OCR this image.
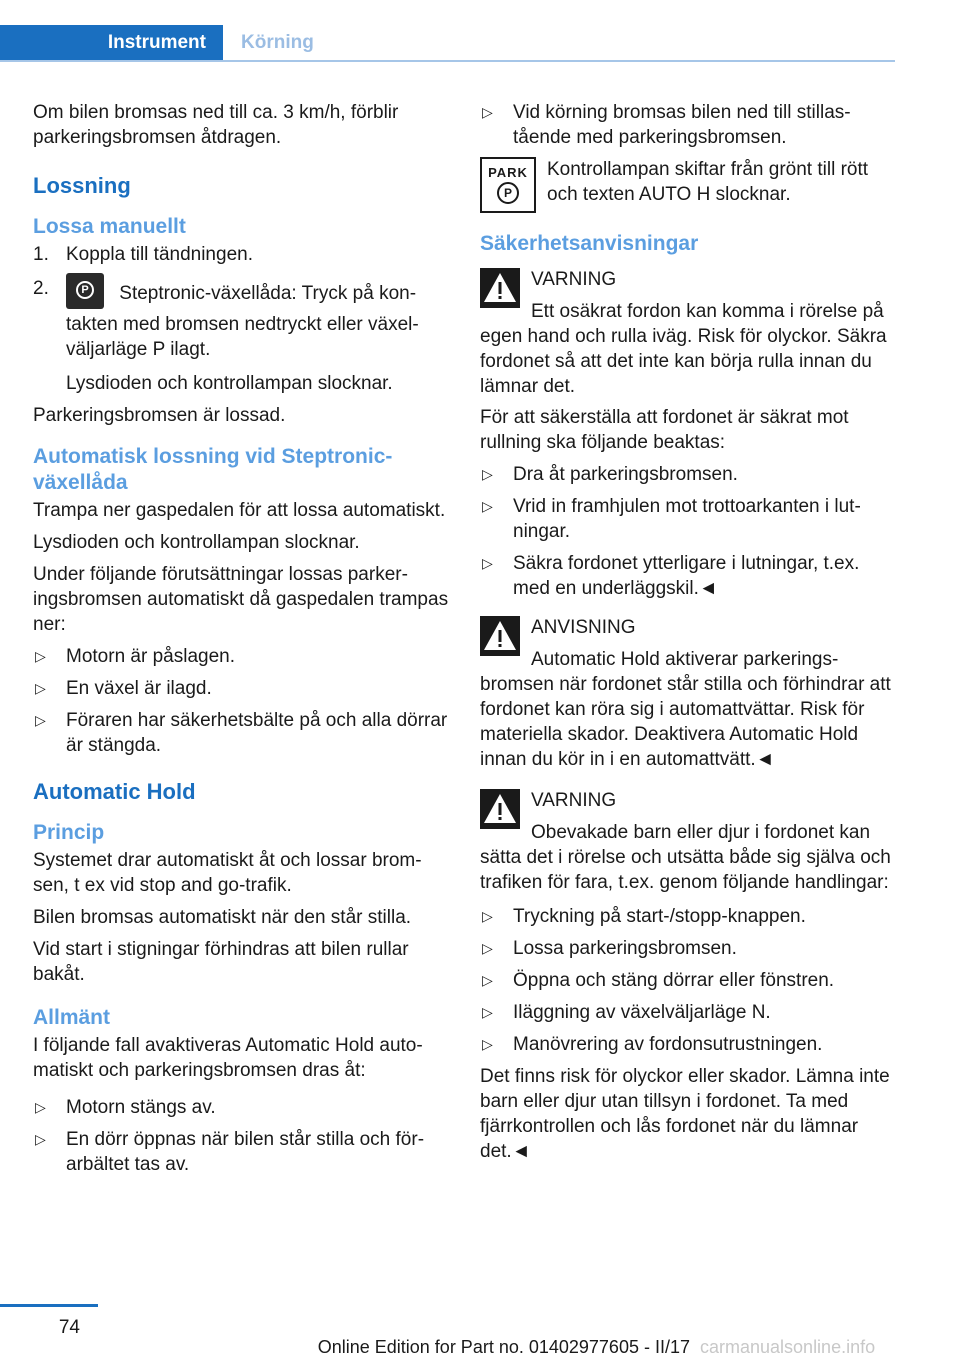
Instrument	Körning

Om bilen bromsas ned till ca. 3 km/h, förblir parkeringsbromsen åtdragen.

Lossning
Lossa manuellt
1. Koppla till tändningen.
2.	P Steptronic-växellåda: Tryck på kontakten med bromsen nedtryckt eller växelväljarläge P ilagt.

Lysdioden och kontrollampan slocknar.

Parkeringsbromsen är lossad.

Automatisk lossning vid Steptronic-växellåda

Trampa ner gaspedalen för att lossa automatiskt.

Lysdioden och kontrollampan slocknar.

Under följande förutsättningar lossas parkeringsbromsen automatiskt då gaspedalen trampas ner:

▷ Motorn är påslagen.
▷ En växel är ilagd.
▷ Föraren har säkerhetsbälte på och alla dörrar är stängda.
Automatic Hold
Princip

Systemet drar automatiskt åt och lossar bromsen, t ex vid stop and go-trafik.

Bilen bromsas automatiskt när den står stilla.

Vid start i stigningar förhindras att bilen rullar bakåt.

Allmänt

I följande fall avaktiveras Automatic Hold automatiskt och parkeringsbromsen dras åt:

▷ Motorn stängs av.
▷ En dörr öppnas när bilen står stilla och förarbältet tas av.
▷ Vid körning bromsas bilen ned till stillastående med parkeringsbromsen.
PARK
P
Kontrollampan skiftar från grönt till rött och texten AUTO H slocknar.
Säkerhetsanvisningar
VARNING
Ett osäkrat fordon kan komma i rörelse på egen hand och rulla iväg. Risk för olyckor. Säkra fordonet så att det inte kan börja rulla innan du lämnar det.

För att säkerställa att fordonet är säkrat mot rullning ska följande beaktas:

▷ Dra åt parkeringsbromsen.
▷ Vrid in framhjulen mot trottoarkanten i lutningar.
▷ Säkra fordonet ytterligare i lutningar, t.ex. med en underläggskil.◄
ANVISNING
Automatic Hold aktiverar parkeringsbromsen när fordonet står stilla och förhindrar att fordonet kan röra sig i automattvättar. Risk för materiella skador. Deaktivera Automatic Hold innan du kör in i en automattvätt.◄
VARNING
Obevakade barn eller djur i fordonet kan sätta det i rörelse och utsätta både sig själva och trafiken för fara, t.ex. genom följande handlingar:
▷ Tryckning på start-/stopp-knappen.
▷ Lossa parkeringsbromsen.
▷ Öppna och stäng dörrar eller fönstren.
▷ Iläggning av växelväljarläge N.
▷ Manövrering av fordonsutrustningen.

Det finns risk för olyckor eller skador. Lämna inte barn eller djur utan tillsyn i fordonet. Ta med fjärrkontrollen och lås fordonet när du lämnar det.◄

74
Online Edition for Part no. 01402977605 - II/17 carmanualsonline.info
